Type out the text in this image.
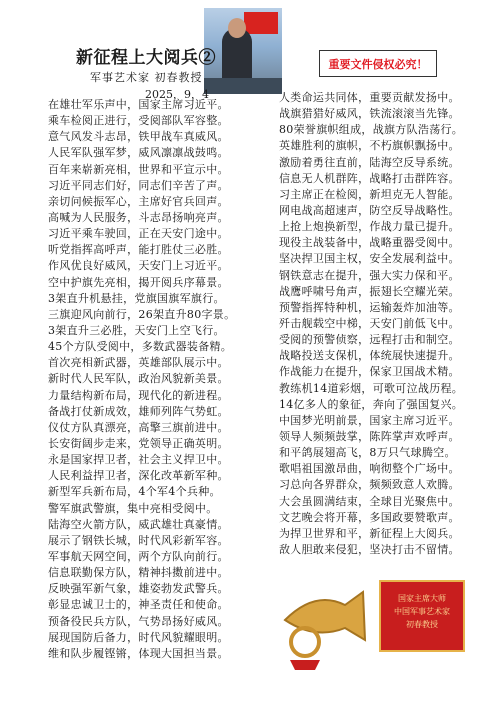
新征程上大阅兵②
军事艺术家 初春教授
2025，9，4
重要文件侵权必究！
在雄壮军乐声中，国家主席习近平。
乘车检阅正进行，受阅部队军容整。
意气风发斗志昂，铁甲战车真威风。
人民军队强军梦，威风凛凛战鼓鸣。
百年来崭新亮相，世界和平宣示中。
习近平同志们好，同志们辛苦了声。
亲切问候振军心，主席好官兵回声。
高喊为人民服务，斗志昂扬响亮声。
习近平乘车驶回，正在天安门途中。
听党指挥高呼声，能打胜仗三必胜。
作风优良好威风，天安门上习近平。
空中护旗先亮相，揭开阅兵序幕景。
3架直升机悬挂，党旗国旗军旗行。
三旗迎风向前行，26架直升80字景。
3架直升三必胜，天安门上空飞行。
45个方队受阅中，多数武器装备精。
首次亮相新武器，英雄部队展示中。
新时代人民军队，政治风貌新美景。
力量结构新布局，现代化的新进程。
备战打仗新成效，雄师列阵气势虹。
仪仗方队真漂亮，高擎三旗前进中。
长安街阔步走来，党领导正确英明。
永是国家捍卫者，社会主义捍卫中。
人民利益捍卫者，深化改革新军种。
新型军兵新布局，4个军4个兵种。
警军旗武警旗，集中亮相受阅中。
陆海空火箭方队，威武雄壮真豪情。
展示了钢铁长城，时代风彩新军容。
军事航天网空间，两个方队向前行。
信息联勤保方队，精神抖擞前进中。
反映强军新气象，雄姿勃发武警兵。
彰显忠诚卫士的，神圣责任和使命。
预备役民兵方队，气势昂扬好威风。
展现国防后备力，时代风貌耀眼明。
维和队步履铿锵，体现大国担当景。
人类命运共同体，重要贡献发扬中。
战旗猎猎好威风，铁流滚滚当先锋。
80荣誉旗帜组成，战旗方队浩荡行。
英雄胜利的旗帜，不朽旗帜飘扬中。
激励着勇往直前，陆海空反导系统。
信息无人机群阵，战略打击群阵容。
习主席正在检阅，新坦克无人智能。
网电战高超速声，防空反导战略性。
上抢上炮换新型，作战力量已提升。
现役主战装备中，战略重器受阅中。
坚决捍卫国主权，安全发展利益中。
钢铁意志在提升，强大实力保和平。
战鹰呼啸号角声，振翅长空耀光荣。
预警指挥特种机，运输轰炸加油等。
歼击舰载空中梯，天安门前低飞中。
受阅的预警侦察，远程打击和制空。
战略投送支保机，体统展快速提升。
作战能力在提升，保家卫国战术精。
教练机14道彩烟，可歌可泣战历程。
14亿多人的象征，奔向了强国复兴。
中国梦光明前景，国家主席习近平。
领导人频频鼓掌，陈阵掌声欢呼声。
和平鸽展翅高飞，8万只气球腾空。
歌唱祖国激昂曲，响彻整个广场中。
习总向各界群众，频频致意人欢腾。
大会虽圆满结束，全球目光聚焦中。
文艺晚会将开幕，多国政要赞歌声。
为捍卫世界和平，新征程上大阅兵。
敌人胆敢来侵犯，坚决打击不留情。
国家主席大师
中国军事艺术家
初春教授
